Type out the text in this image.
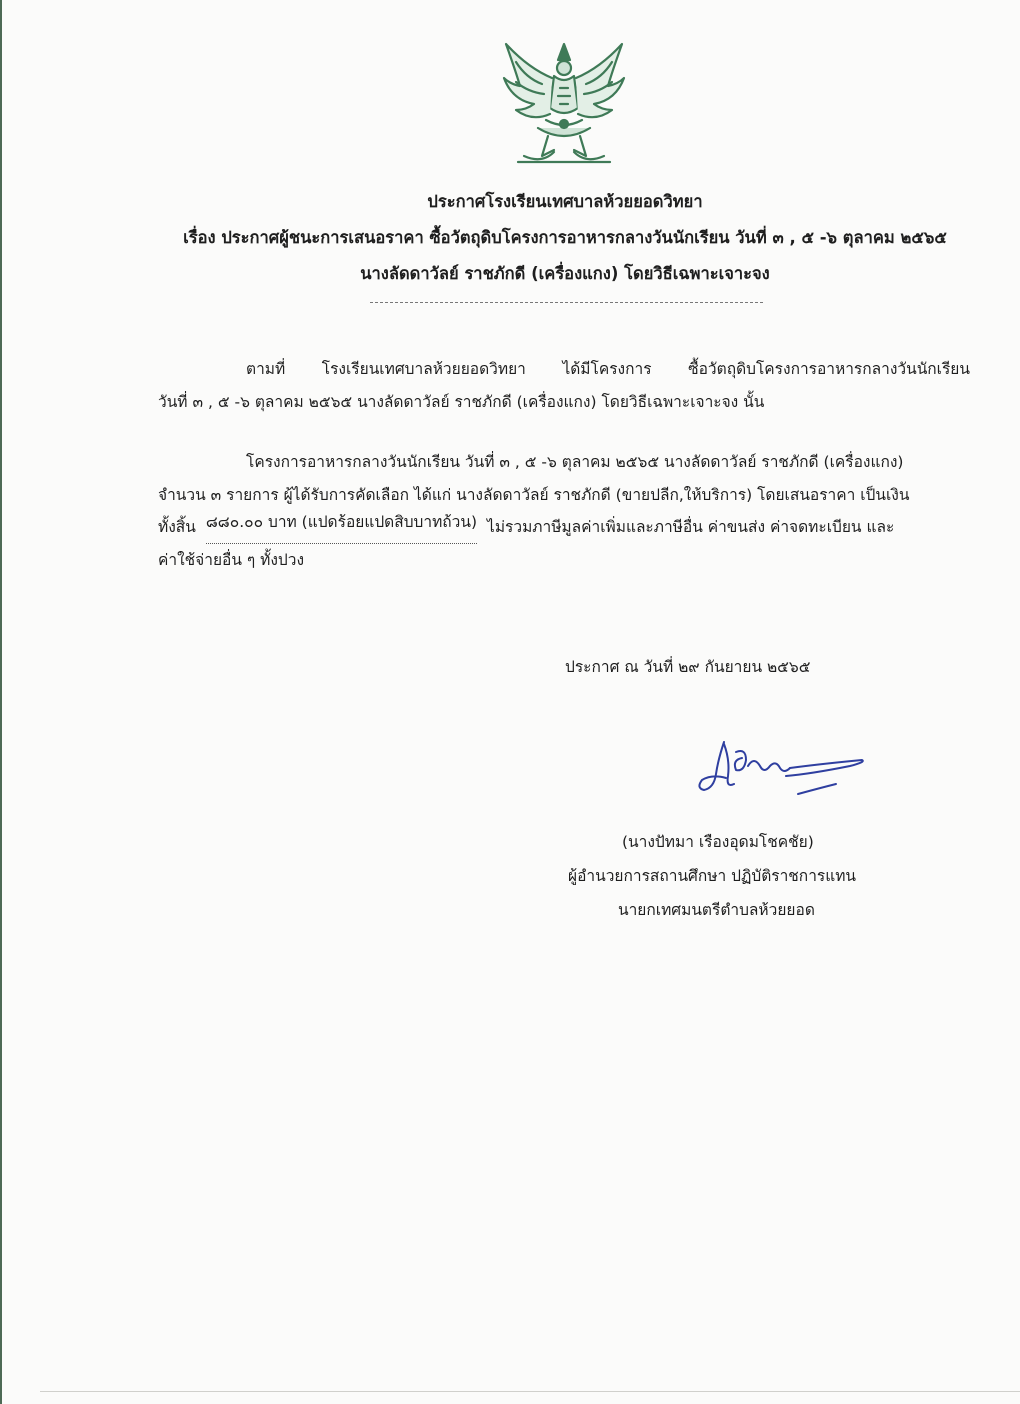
ประกาศโรงเรียนเทศบาลห้วยยอดวิทยา
เรื่อง ประกาศผู้ชนะการเสนอราคา ซื้อวัตถุดิบโครงการอาหารกลางวันนักเรียน วันที่ ๓ , ๕ -๖ ตุลาคม ๒๕๖๕
นางลัดดาวัลย์ ราชภักดี (เครื่องแกง) โดยวิธีเฉพาะเจาะจง

ตามที่ โรงเรียนเทศบาลห้วยยอดวิทยา ได้มีโครงการ ซื้อวัตถุดิบโครงการอาหารกลางวันนักเรียน

วันที่ ๓ , ๕ -๖ ตุลาคม ๒๕๖๕ นางลัดดาวัลย์ ราชภักดี (เครื่องแกง) โดยวิธีเฉพาะเจาะจง นั้น

โครงการอาหารกลางวันนักเรียน วันที่ ๓ , ๕ -๖ ตุลาคม ๒๕๖๕ นางลัดดาวัลย์ ราชภักดี (เครื่องแกง)

จำนวน ๓ รายการ ผู้ได้รับการคัดเลือก ได้แก่ นางลัดดาวัลย์ ราชภักดี (ขายปลีก,ให้บริการ) โดยเสนอราคา เป็นเงิน

ทั้งสิ้น ๘๘๐.๐๐ บาท (แปดร้อยแปดสิบบาทถ้วน) ไม่รวมภาษีมูลค่าเพิ่มและภาษีอื่น ค่าขนส่ง ค่าจดทะเบียน และ

ค่าใช้จ่ายอื่น ๆ ทั้งปวง

ประกาศ ณ วันที่ ๒๙ กันยายน ๒๕๖๕
(นางปัทมา เรืองอุดมโชคชัย)
ผู้อำนวยการสถานศึกษา ปฏิบัติราชการแทน
นายกเทศมนตรีตำบลห้วยยอด
